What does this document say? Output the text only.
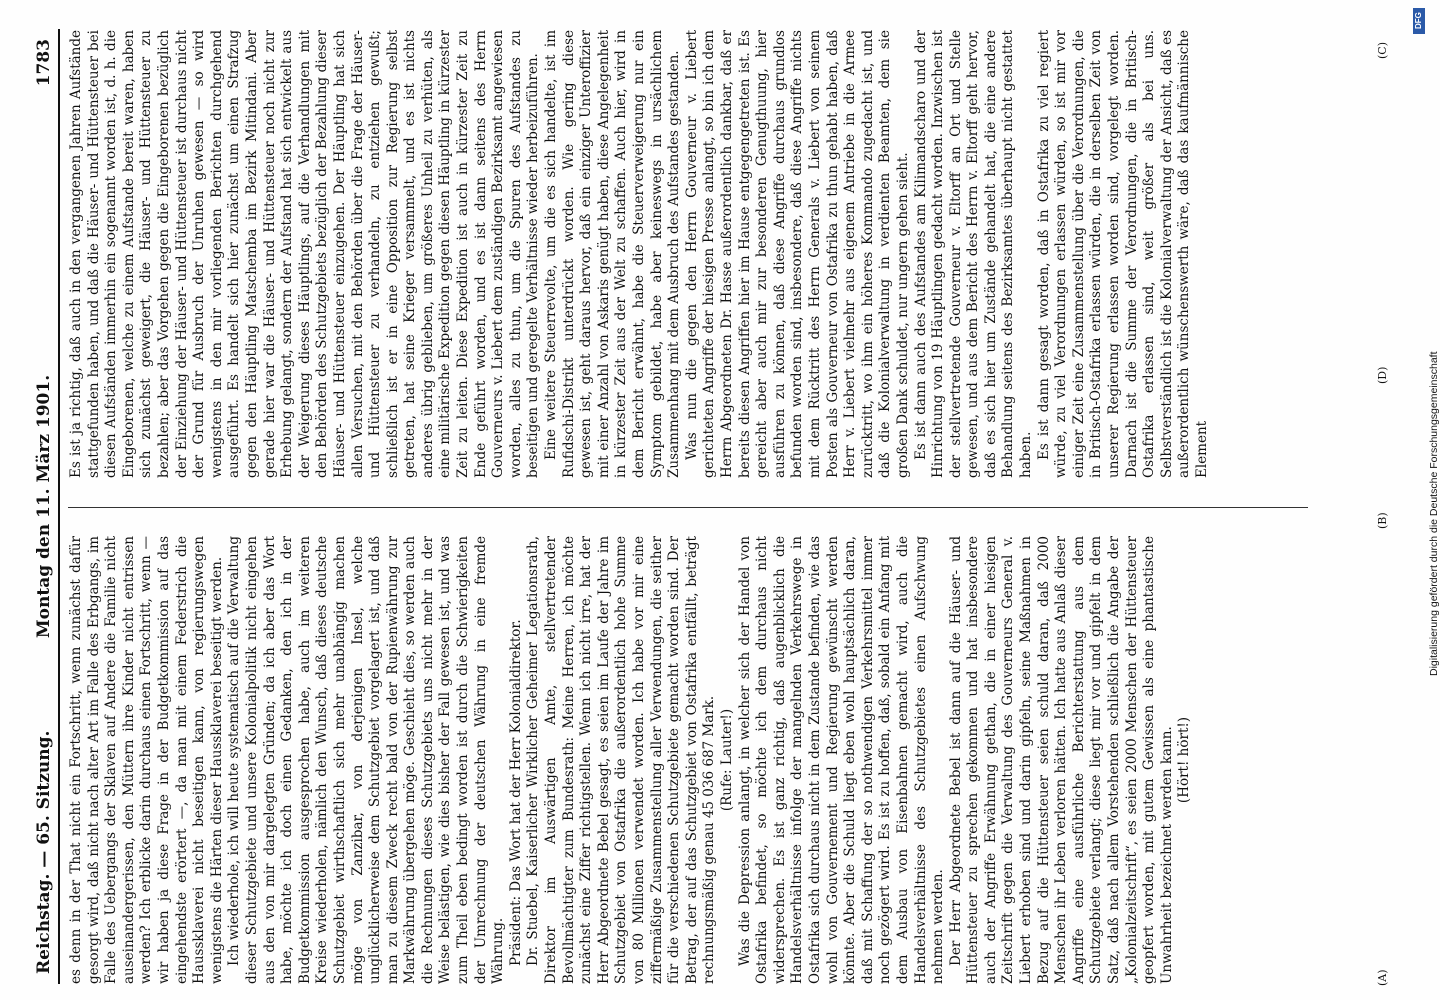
Reichstag. — 65. Sitzung.
Montag den 11. März 1901.
1783

es denn in der That nicht ein Fortschritt, wenn zunächst dafür gesorgt wird, daß nicht nach alter Art im Falle des Erbgangs, im Falle des Uebergangs der Sklaven auf Andere die Familie nicht auseinandergerissen, den Müttern ihre Kinder nicht entrissen werden? Ich erblicke darin durchaus einen Fortschritt, wenn — wir haben ja diese Frage in der Budgetkommission auf das eingehendste erörtert —, da man mit einem Federstrich die Haussklaverei nicht beseitigen kann, von regierungswegen wenigstens die Härten dieser Haussklaverei beseitigt werden. Ich wiederhole, ich will heute systematisch auf die Verwaltung dieser Schutzgebiete und unsere Kolonialpolitik nicht eingehen aus den von mir dargelegten Gründen; da ich aber das Wort habe, möchte ich doch einen Gedanken, den ich in der Budgetkommission ausgesprochen habe, auch im weiteren Kreise wiederholen, nämlich den Wunsch, daß dieses deutsche Schutzgebiet wirthschaftlich sich mehr unabhängig machen möge von Zanzibar, von derjenigen Insel, welche unglücklicherweise dem Schutzgebiet vorgelagert ist, und daß man zu diesem Zweck recht bald von der Rupienwährung zur Markwährung übergehen möge. Geschieht dies, so werden auch die Rechnungen dieses Schutzgebiets uns nicht mehr in der Weise belästigen, wie dies bisher der Fall gewesen ist, und was zum Theil eben bedingt worden ist durch die Schwierigkeiten der Umrechnung der deutschen Währung in eine fremde Währung. Präsident: Das Wort hat der Herr Kolonialdirektor. Dr. Stuebel, Kaiserlicher Wirklicher Geheimer Legationsrath, Direktor im Auswärtigen Amte, stellvertretender Bevollmächtigter zum Bundesrath: Meine Herren, ich möchte zunächst eine Ziffer richtigstellen. Wenn ich nicht irre, hat der Herr Abgeordnete Bebel gesagt, es seien im Laufe der Jahre im Schutzgebiet von Ostafrika die außerordentlich hohe Summe von 80 Millionen verwendet worden. Ich habe vor mir eine ziffermäßige Zusammenstellung aller Verwendungen, die seither für die verschiedenen Schutzgebiete gemacht worden sind. Der Betrag, der auf das Schutzgebiet von Ostafrika entfällt, beträgt rechnungsmäßig genau 45 036 687 Mark. (Rufe: Lauter!) Was die Depression anlangt, in welcher sich der Handel von Ostafrika befindet, so möchte ich dem durchaus nicht widersprechen. Es ist ganz richtig, daß augenblicklich die Handelsverhältnisse infolge der mangelnden Verkehrswege in Ostafrika sich durchaus nicht in dem Zustande befinden, wie das wohl von Gouvernement und Regierung gewünscht werden könnte. Aber die Schuld liegt eben wohl hauptsächlich daran, daß mit Schaffung der so nothwendigen Verkehrsmittel immer noch gezögert wird. Es ist zu hoffen, daß, sobald ein Anfang mit dem Ausbau von Eisenbahnen gemacht wird, auch die Handelsverhältnisse des Schutzgebietes einen Aufschwung nehmen werden. Der Herr Abgeordnete Bebel ist dann auf die Häuser- und Hüttensteuer zu sprechen gekommen und hat insbesondere auch der Angriffe Erwähnung gethan, die in einer hiesigen Zeitschrift gegen die Verwaltung des Gouverneurs General v. Liebert erhoben sind und darin gipfeln, seine Maßnahmen in Bezug auf die Hüttensteuer seien schuld daran, daß 2000 Menschen ihr Leben verloren hätten. Ich hatte aus Anlaß dieser Angriffe eine ausführliche Berichterstattung aus dem Schutzgebiete verlangt; diese liegt mir vor und gipfelt in dem Satz, daß nach allem Vorstehenden schließlich die Angabe der „Kolonialzeitschrift“, es seien 2000 Menschen der Hüttensteuer geopfert worden, mit gutem Gewissen als eine phantastische Unwahrheit bezeichnet werden kann. (Hört! hört!)

Es ist ja richtig, daß auch in den vergangenen Jahren Aufstände stattgefunden haben, und daß die Häuser- und Hüttensteuer bei diesen Aufständen immerhin ein sogenannt worden ist, d. h. die Eingeborenen, welche zu einem Aufstande bereit waren, haben sich zunächst geweigert, die Häuser- und Hüttensteuer zu bezahlen; aber das Vorgehen gegen die Eingeborenen bezüglich der Einziehung der Häuser- und Hüttensteuer ist durchaus nicht der Grund für Ausbruch der Unruhen gewesen — so wird wenigstens in den mir vorliegenden Berichten durchgehend ausgeführt. Es handelt sich hier zunächst um einen Strafzug gegen den Häuptling Matschemba im Bezirk Mitindani. Aber gerade hier war die Häuser- und Hüttensteuer noch nicht zur Erhebung gelangt, sondern der Aufstand hat sich entwickelt aus der Weigerung dieses Häuptlings, auf die Verhandlungen mit den Behörden des Schutzgebiets bezüglich der Bezahlung dieser Häuser- und Hüttensteuer einzugehen. Der Häuptling hat sich allen Versuchen, mit den Behörden über die Frage der Häuser- und Hüttensteuer zu verhandeln, zu entziehen gewußt; schließlich ist er in eine Opposition zur Regierung selbst getreten, hat seine Krieger versammelt, und es ist nichts anderes übrig geblieben, um größeres Unheil zu verhüten, als eine militärische Expedition gegen diesen Häuptling in kürzester Zeit zu leiten. Diese Expedition ist auch in kürzester Zeit zu Ende geführt worden, und es ist dann seitens des Herrn Gouverneurs v. Liebert dem zuständigen Bezirksamt angewiesen worden, alles zu thun, um die Spuren des Aufstandes zu beseitigen und geregelte Verhältnisse wieder herbeizuführen. Eine weitere Steuerrevolte, um die es sich handelte, ist im Rufidschi-Distrikt unterdrückt worden. Wie gering diese gewesen ist, geht daraus hervor, daß ein einziger Unteroffizier mit einer Anzahl von Askaris genügt haben, diese Angelegenheit in kürzester Zeit aus der Welt zu schaffen. Auch hier, wird in dem Bericht erwähnt, habe die Steuerverweigerung nur ein Symptom gebildet, habe aber keineswegs in ursächlichem Zusammenhang mit dem Ausbruch des Aufstandes gestanden. Was nun die gegen den Herrn Gouverneur v. Liebert gerichteten Angriffe der hiesigen Presse anlangt, so bin ich dem Herrn Abgeordneten Dr. Hasse außerordentlich dankbar, daß er bereits diesen Angriffen hier im Hause entgegengetreten ist. Es gereicht aber auch mir zur besonderen Genugthuung, hier ausführen zu können, daß diese Angriffe durchaus grundlos befunden worden sind, insbesondere, daß diese Angriffe nichts mit dem Rücktritt des Herrn Generals v. Liebert von seinem Posten als Gouverneur von Ostafrika zu thun gehabt haben, daß Herr v. Liebert vielmehr aus eigenem Antriebe in die Armee zurücktritt, wo ihm ein höheres Kommando zugedacht ist, und daß die Kolonialverwaltung in verdienten Beamten, dem sie großen Dank schuldet, nur ungern gehen sieht. Es ist dann auch des Aufstandes am Kilimandscharo und der Hinrichtung von 19 Häuptlingen gedacht worden. Inzwischen ist der stellvertretende Gouverneur v. Eltorff an Ort und Stelle gewesen, und aus dem Bericht des Herrn v. Eltorff geht hervor, daß es sich hier um Zustände gehandelt hat, die eine andere Behandlung seitens des Bezirksamtes überhaupt nicht gestattet haben. Es ist dann gesagt worden, daß in Ostafrika zu viel regiert würde, zu viel Verordnungen erlassen würden, so ist mir vor einiger Zeit eine Zusammenstellung über die Verordnungen, die in Britisch-Ostafrika erlassen würden, die in derselben Zeit von unserer Regierung erlassen worden sind, vorgelegt worden. Darnach ist die Summe der Verordnungen, die in Britisch-Ostafrika erlassen sind, weit größer als bei uns. Selbstverständlich ist die Kolonialverwaltung der Ansicht, daß es außerordentlich wünschenswerth wäre, daß das kaufmännische Element

(A)
(B)
(C)
(D)
DFG
Digitalisierung gefördert durch die Deutsche Forschungsgemeinschaft
